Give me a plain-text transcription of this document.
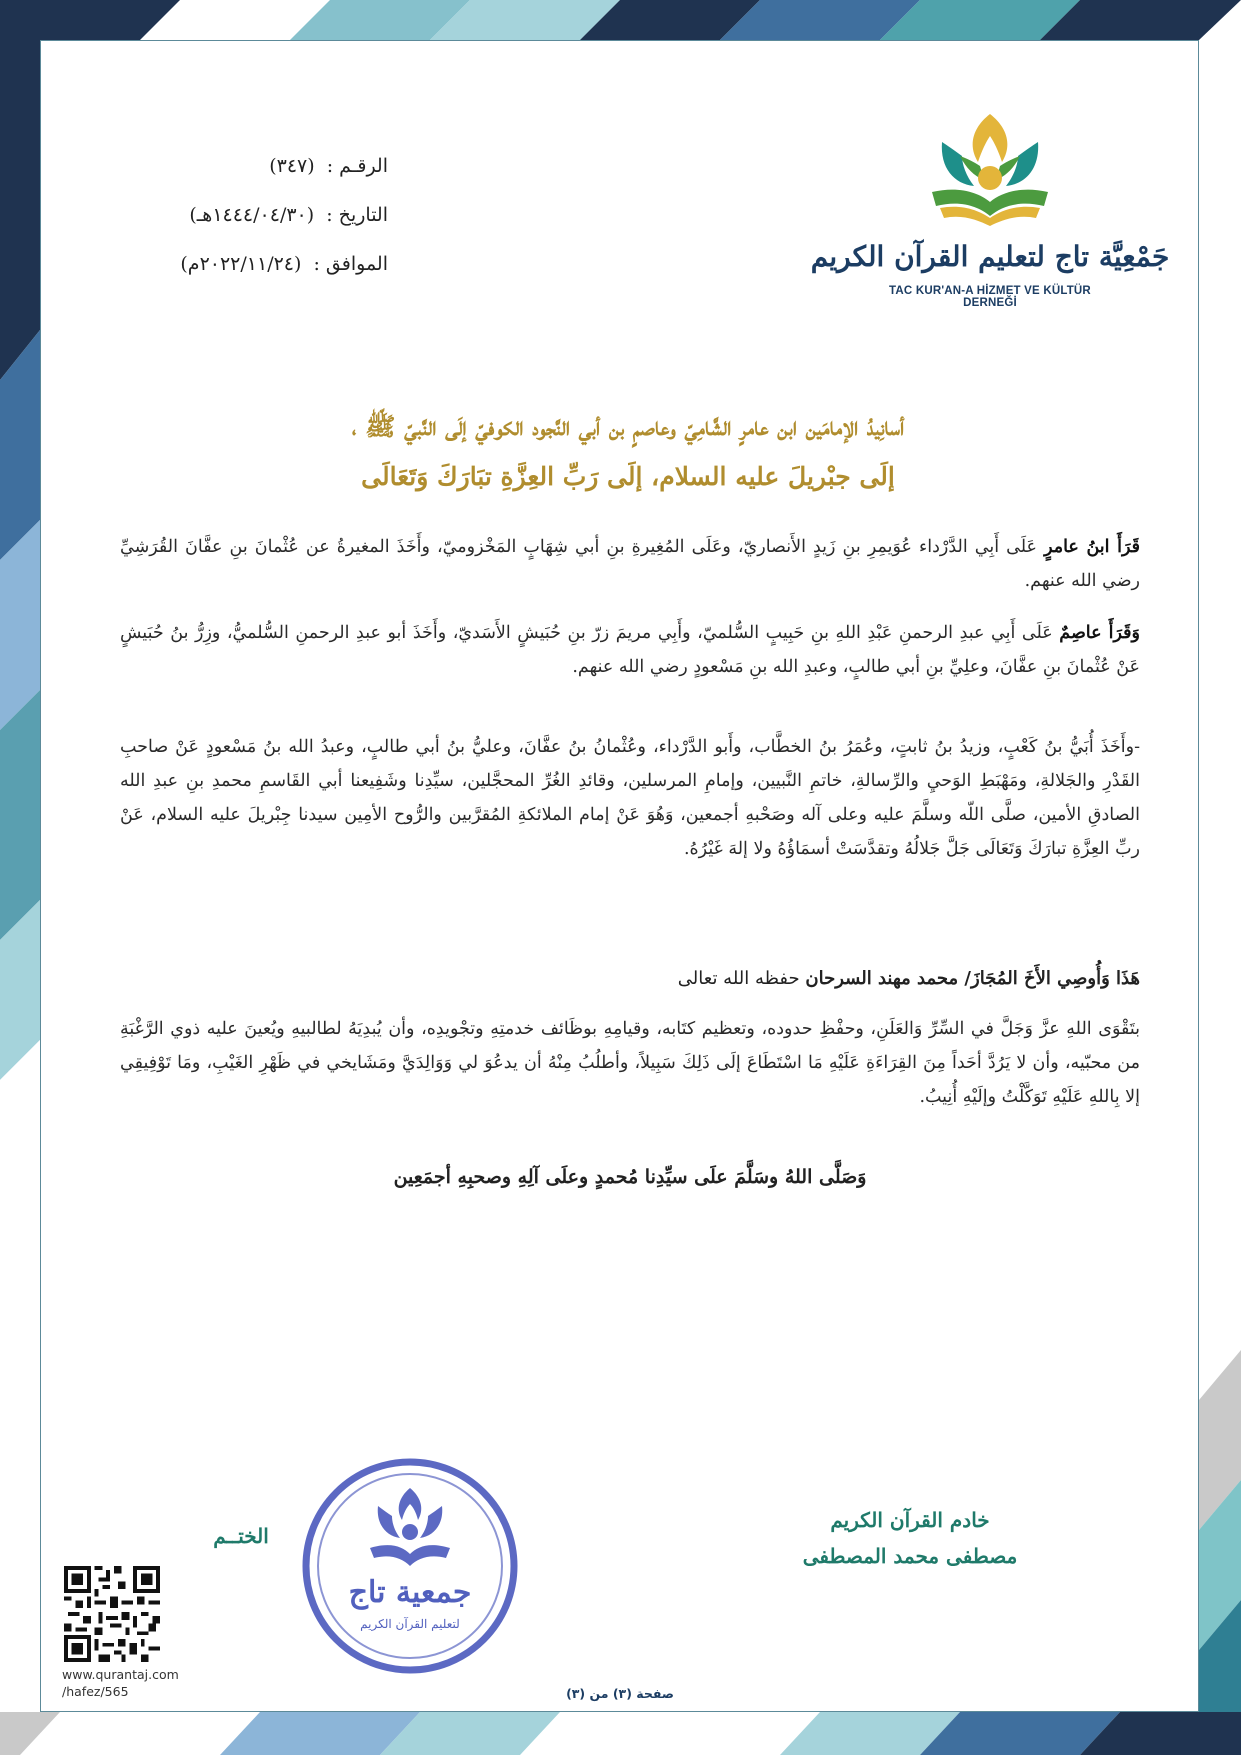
الرقـم : (٣٤٧)
التاريخ : (١٤٤٤/٠٤/٣٠هـ)
الموافق : (٢٠٢٢/١١/٢٤م)	جَمْعِيَّة تاج لتعليم القرآن الكريم
TAC KUR'AN-A HİZMET VE KÜLTÜR DERNEĞİ
أسانِيدُ الإمامَين ابن عامرٍ الشَّامِيّ وعاصمٍ بن أبي النَّجود الكوفيّ إلَى النَّبيّ ﷺ ،
إلَى جبْريلَ عليه السلام، إلَى رَبِّ العِزَّةِ تبَارَكَ وَتَعَالَى
قَرَأَ ابنُ عامرٍ عَلَى أَبِي الدَّرْداء عُوَيمِرِ بنِ زَيدٍ الأَنصاريّ، وعَلَى المُغِيرةِ بنِ أبي شِهَابٍ المَخْزوميّ، وأَخَذَ المغيرةُ عن عُثْمانَ بنِ عفَّانَ القُرَشِيِّ رضي الله عنهم.
وَقَرَأَ عاصِمٌ عَلَى أَبِي عبدِ الرحمنِ عَبْدِ اللهِ بنِ حَبِيبٍ السُّلميّ، وأَبِي مريمَ زرّ بنِ حُبَيشٍ الأَسَديّ، وأَخَذَ أبو عبدِ الرحمنِ السُّلميُّ، وزِرُّ بنُ حُبَيشٍ عَنْ عُثْمانَ بنِ عفَّانَ، وعلِيِّ بنِ أبي طالبٍ، وعبدِ الله بنِ مَسْعودٍ رضي الله عنهم.
-وأَخَذَ أُبَيُّ بنُ كَعْبٍ، وزيدُ بنُ ثابتٍ، وعُمَرُ بنُ الخطَّاب، وأَبو الدَّرْداء، وعُثْمانُ بنُ عفَّانَ، وعليُّ بنُ أبي طالبٍ، وعبدُ الله بنُ مَسْعودٍ عَنْ صاحبِ القَدْرِ والجَلالةِ، ومَهْبَطِ الوَحيِ والرِّسالةِ، خاتمِ النَّبيين، وإمامِ المرسلين، وقائدِ الغُرِّ المحجَّلين، سيِّدِنا وشَفِيعنا أبي القَاسمِ محمدِ بنِ عبدِ الله الصادقِ الأمين، صلَّى اللّه وسلَّمَ عليه وعلى آله وصَحْبهِ أجمعين، وَهُوَ عَنْ إمام الملائكةِ المُقرَّبين والرُّوح الأمِين سيدنا جِبْريلَ عليه السلام، عَنْ ربِّ العِزَّةِ تبارَكَ وَتَعَالَى جَلَّ جَلالُهُ وتقدَّسَتْ أسمَاؤُهُ ولا إلهَ غَيْرُهُ.
هَذَا وَأُوصِي الأَخَ المُجَازَ/ محمد مهند السرحان حفظه الله تعالى
بتَقْوَى اللهِ عزَّ وَجَلَّ في السِّرِّ وَالعَلَنِ، وحفْظِ حدوده، وتعظيم كتَابه، وقيامِهِ بوظَائف خدمتِهِ وتجْويدِه، وأن يُبدِيَهُ لطالبيهِ ويُعينَ عليه ذوي الرَّغْبَةِ من محبّيه، وأن لا يَرُدَّ أحَداً مِنَ القِرَاءَةِ عَلَيْهِ مَا اسْتَطَاعَ إلَى ذَلِكَ سَبِيلاً، وأطلُبُ مِنْهُ أن يدعُوَ لي وَوَالِدَيَّ ومَشَايخي في ظَهْرِ الغَيْبِ، ومَا تَوْفِيقِي إلا بِاللهِ عَلَيْهِ تَوَكَّلْتُ وإلَيْهِ أُنِيبُ.
وَصَلَّى اللهُ وسَلَّمَ علَى سيِّدِنا مُحمدٍ وعلَى آلِهِ وصحبِهِ أجمَعِين
خادم القرآن الكريم
مصطفى محمد المصطفى
الختــم
جمعية تاج
لتعليم القرآن الكريم
www.qurantaj.com
/hafez/565	صفحة (٣) من (٣)
